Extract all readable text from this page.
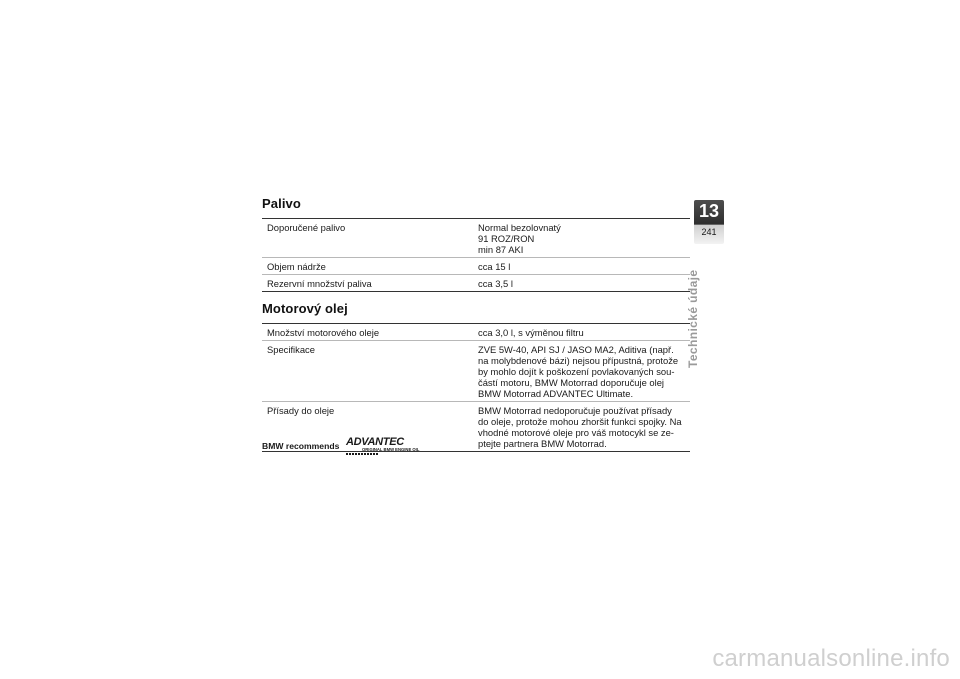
Palivo
Doporučené palivo	Normal bezolovnatý
91 ROZ/RON
min 87 AKI
Objem nádrže	cca 15 l
Rezervní množství paliva	cca 3,5 l
Motorový olej
Množství motorového oleje	cca 3,0 l, s výměnou filtru
Specifikace	ZVE 5W-40, API SJ / JASO MA2, Aditiva (např.
na molybdenové bázi) nejsou přípustná, protože
by mohlo dojít k poškození povlakovaných sou-
částí motoru, BMW Motorrad doporučuje olej
BMW Motorrad ADVANTEC Ultimate.
Přísady do oleje	BMW Motorrad nedoporučuje používat přísady
do oleje, protože mohou zhoršit funkci spojky. Na
vhodné motorové oleje pro váš motocykl se ze-
ptejte partnera BMW Motorrad.
BMW recommends ADVANTEC
ORIGINAL BMW ENGINE OIL
13
241
Technické údaje
carmanualsonline.info
